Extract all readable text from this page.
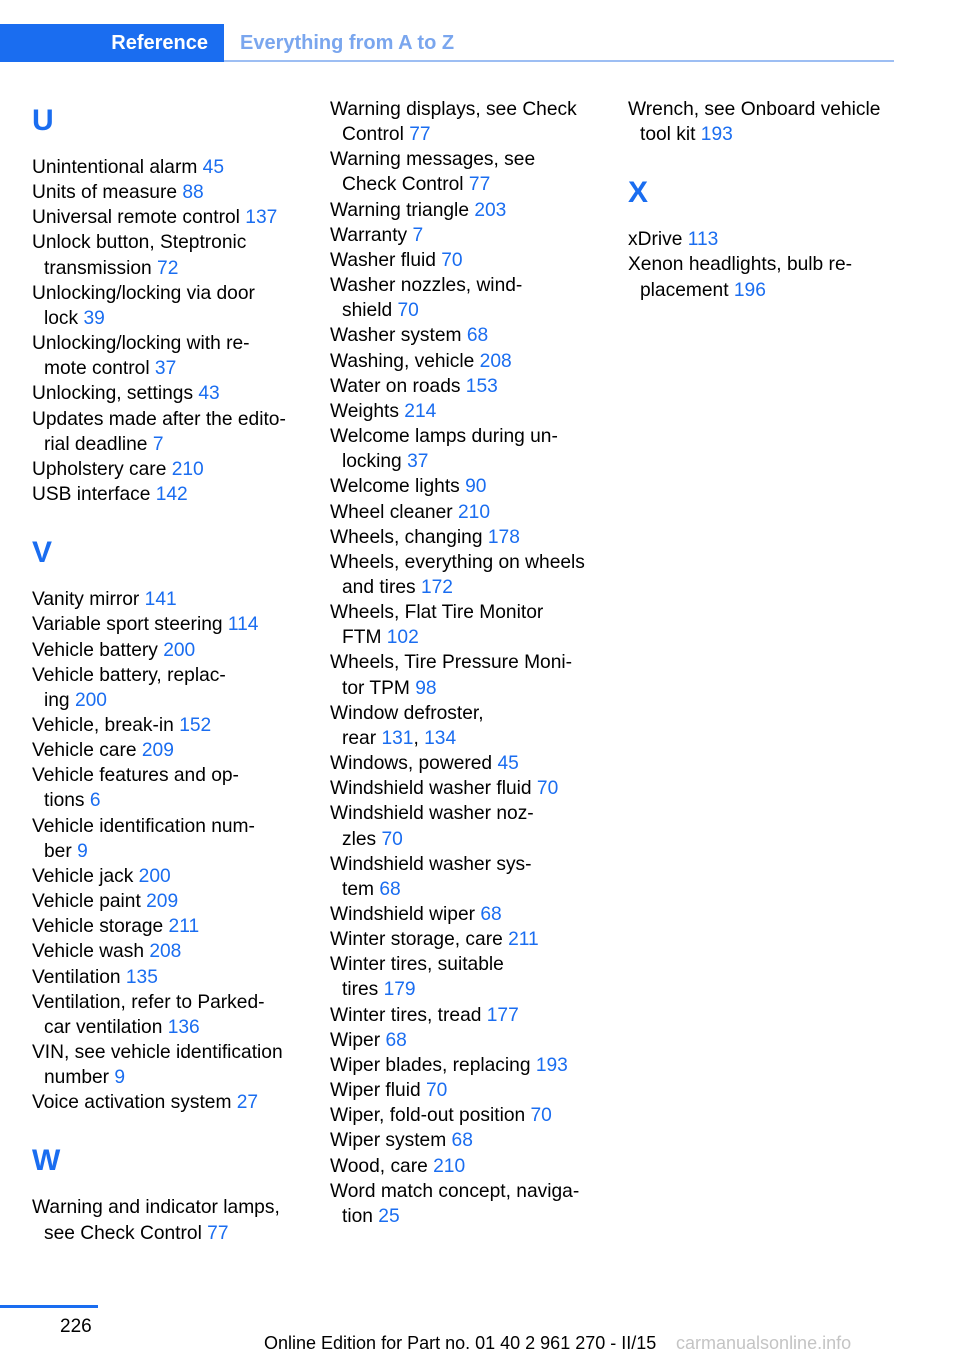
Reference	Everything from A to Z
U
Unintentional alarm 45
Units of measure 88
Universal remote control 137
Unlock button, Steptronic
transmission 72
Unlocking/locking via door
lock 39
Unlocking/locking with re-
mote control 37
Unlocking, settings 43
Updates made after the edito-
rial deadline 7
Upholstery care 210
USB interface 142
V
Vanity mirror 141
Variable sport steering 114
Vehicle battery 200
Vehicle battery, replac-
ing 200
Vehicle, break-in 152
Vehicle care 209
Vehicle features and op-
tions 6
Vehicle identification num-
ber 9
Vehicle jack 200
Vehicle paint 209
Vehicle storage 211
Vehicle wash 208
Ventilation 135
Ventilation, refer to Parked-
car ventilation 136
VIN, see vehicle identification
number 9
Voice activation system 27
W
Warning and indicator lamps,
see Check Control 77
Warning displays, see Check
Control 77
Warning messages, see
Check Control 77
Warning triangle 203
Warranty 7
Washer fluid 70
Washer nozzles, wind-
shield 70
Washer system 68
Washing, vehicle 208
Water on roads 153
Weights 214
Welcome lamps during un-
locking 37
Welcome lights 90
Wheel cleaner 210
Wheels, changing 178
Wheels, everything on wheels
and tires 172
Wheels, Flat Tire Monitor
FTM 102
Wheels, Tire Pressure Moni-
tor TPM 98
Window defroster,
rear 131, 134
Windows, powered 45
Windshield washer fluid 70
Windshield washer noz-
zles 70
Windshield washer sys-
tem 68
Windshield wiper 68
Winter storage, care 211
Winter tires, suitable
tires 179
Winter tires, tread 177
Wiper 68
Wiper blades, replacing 193
Wiper fluid 70
Wiper, fold-out position 70
Wiper system 68
Wood, care 210
Word match concept, naviga-
tion 25
Wrench, see Onboard vehicle
tool kit 193
X
xDrive 113
Xenon headlights, bulb re-
placement 196
226
Online Edition for Part no. 01 40 2 961 270 - II/15 carmanualsonline.info
